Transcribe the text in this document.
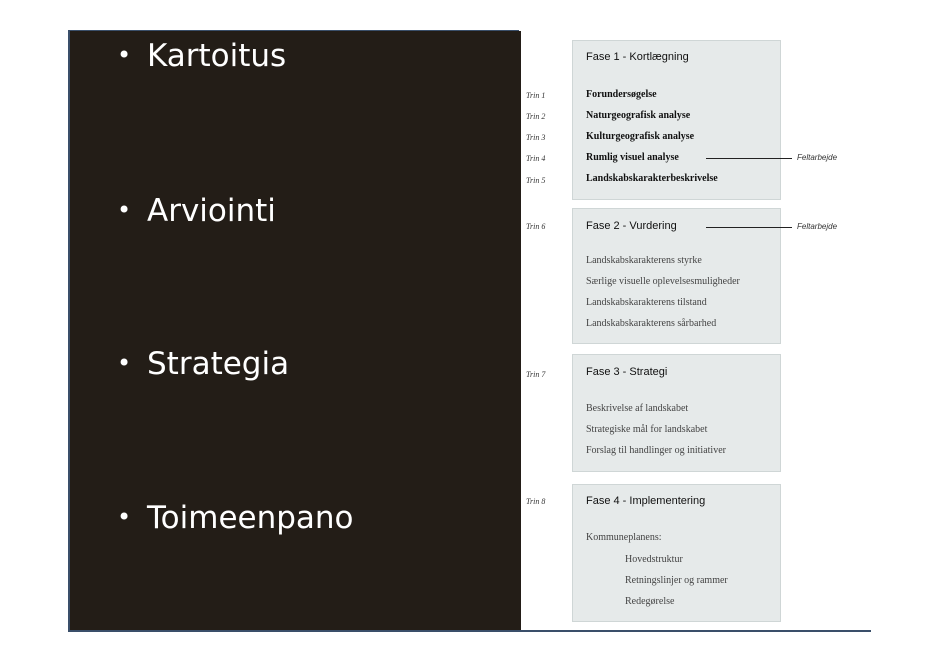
• Kartoitus
• Arviointi
• Strategia
• Toimeenpano
Fase 1 - Kortlægning
Forundersøgelse
Naturgeografisk analyse
Kulturgeografisk analyse
Rumlig visuel analyse
Landskabskarakterbeskrivelse
Fase 2 - Vurdering
Landskabskarakterens styrke
Særlige visuelle oplevelsesmuligheder
Landskabskarakterens tilstand
Landskabskarakterens sårbarhed
Fase 3 - Strategi
Beskrivelse af landskabet
Strategiske mål for landskabet
Forslag til handlinger og initiativer
Fase 4 - Implementering
Kommuneplanens:
Hovedstruktur
Retningslinjer og rammer
Redegørelse
Trin 1
Trin 2
Trin 3
Trin 4
Trin 5
Trin 6
Trin 7
Trin 8
Feltarbejde
Feltarbejde
